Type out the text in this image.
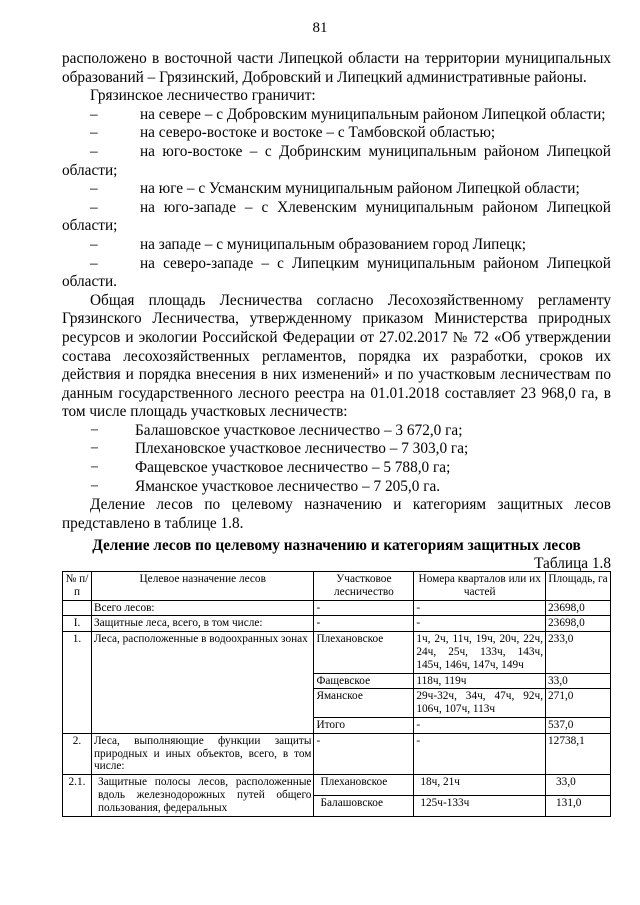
81

расположено в восточной части Липецкой области на территории муниципальных образований – Грязинский, Добровский и Липецкий административные районы.

Грязинское лесничество граничит:

–	на севере – с Добровским муниципальным районом Липецкой области;
–	на северо-востоке и востоке – с Тамбовской областью;
–	на юго-востоке – с Добринским муниципальным районом Липецкой

области;

–	на юге – с Усманским муниципальным районом Липецкой области;
–	на юго-западе – с Хлевенским муниципальным районом Липецкой

области;

–	на западе – с муниципальным образованием город Липецк;
–	на северо-западе – с Липецким муниципальным районом Липецкой

области.

Общая площадь Лесничества согласно Лесохозяйственному регламенту Грязинского Лесничества, утвержденному приказом Министерства природных ресурсов и экологии Российской Федерации от 27.02.2017 № 72 «Об утверждении состава лесохозяйственных регламентов, порядка их разработки, сроков их действия и порядка внесения в них изменений» и по участковым лесничествам по данным государственного лесного реестра на 01.01.2018 составляет 23 968,0 га, в том числе площадь участковых лесничеств:

−	Балашовское участковое лесничество – 3 672,0 га;
−	Плехановское участковое лесничество – 7 303,0 га;
−	Фащевское участковое лесничество – 5 788,0 га;
−	Яманское участковое лесничество – 7 205,0 га.

Деление лесов по целевому назначению и категориям защитных лесов представлено в таблице 1.8.

Деление лесов по целевому назначению и категориям защитных лесов
Таблица 1.8
№ п/п	Целевое назначение лесов	Участковое лесничество	Номера кварталов или их частей	Площадь, га
	Всего лесов:	-	-	23698,0
I.	Защитные леса, всего, в том числе:	-	-	23698,0
1.	Леса, расположенные в водоохранных зонах	Плехановское	1ч, 2ч, 11ч, 19ч, 20ч, 22ч, 24ч, 25ч, 133ч, 143ч, 145ч, 146ч, 147ч, 149ч	233,0
		Фащевское	118ч, 119ч	33,0
		Яманское	29ч-32ч, 34ч, 47ч, 92ч, 106ч, 107ч, 113ч	271,0
		Итого	-	537,0
2.	Леса, выполняющие функции защиты природных и иных объектов, всего, в том числе:	-	-	12738,1
2.1.	Защитные полосы лесов, расположенные вдоль железнодорожных путей общего пользования, федеральных	Плехановское	18ч, 21ч	33,0
		Балашовское	125ч-133ч	131,0
